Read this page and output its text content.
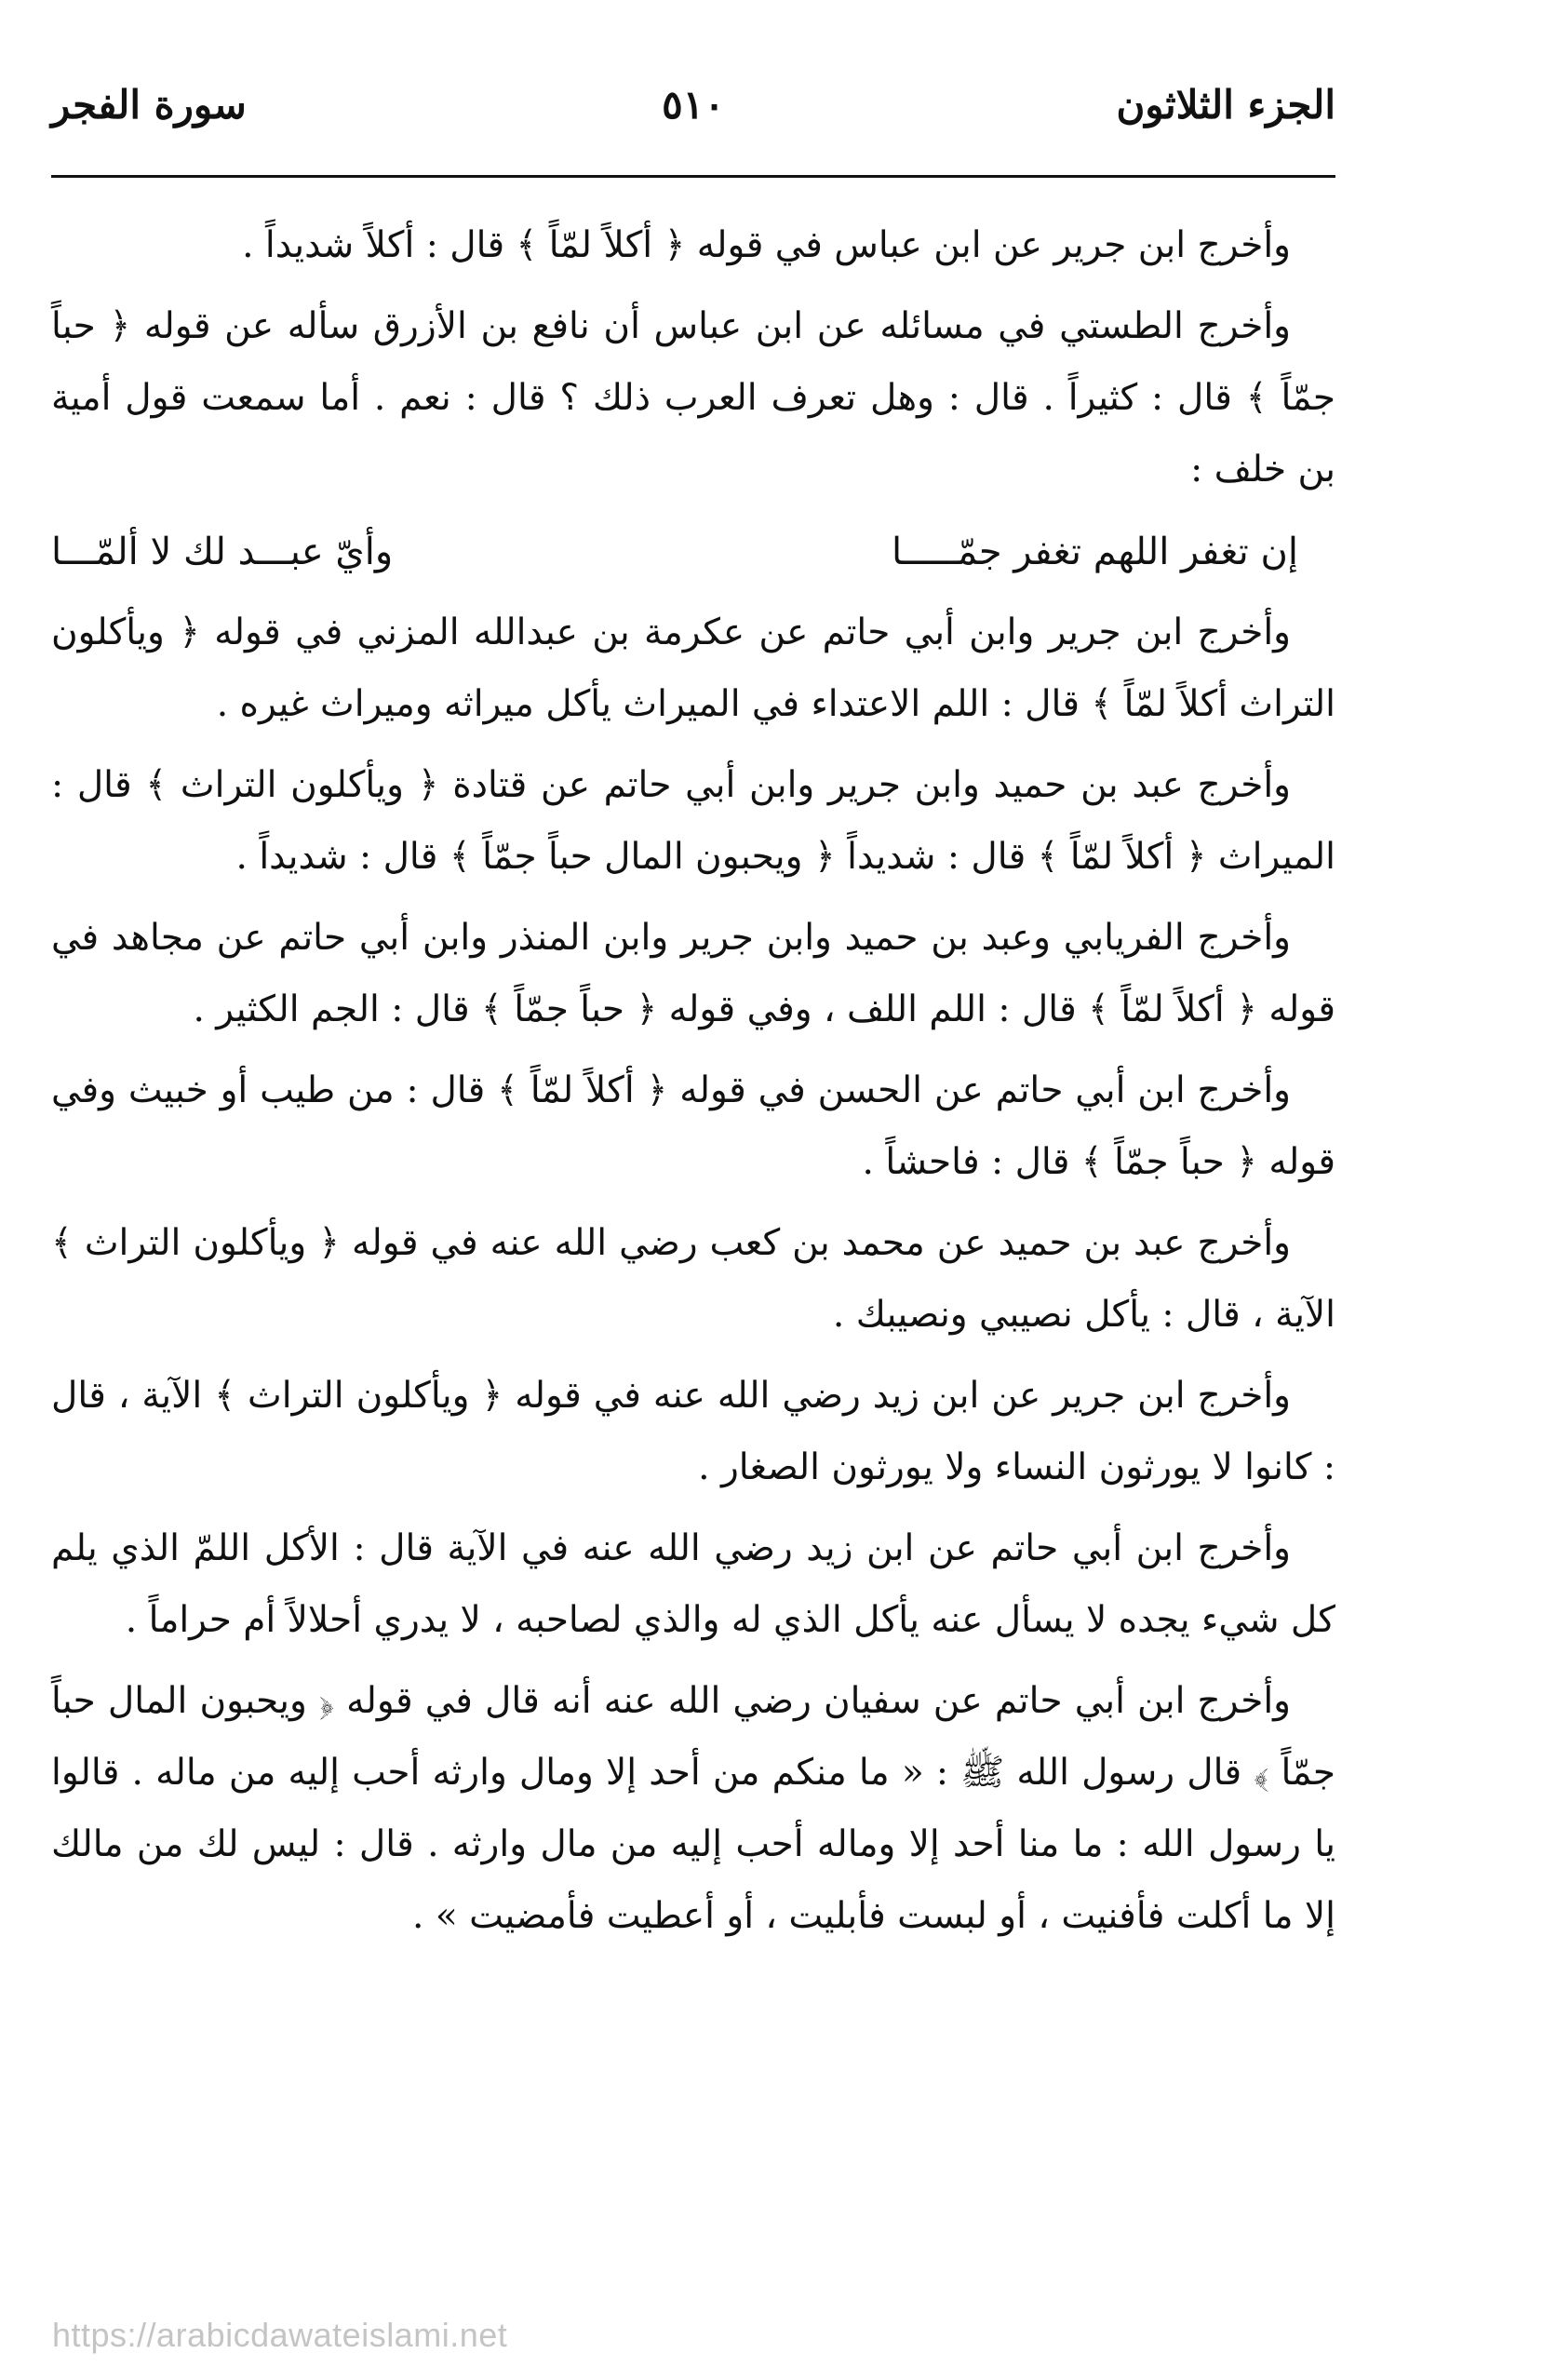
الجزء الثلاثون
٥١٠
سورة الفجر

وأخرج ابن جرير عن ابن عباس في قوله ﴿ أكلاً لمّاً ﴾ قال : أكلاً شديداً .

وأخرج الطستي في مسائله عن ابن عباس أن نافع بن الأزرق سأله عن قوله ﴿ حباً جمّاً ﴾ قال : كثيراً . قال : وهل تعرف العرب ذلك ؟ قال : نعم . أما سمعت قول أمية بن خلف :

إن تغفر اللهم تغفر جمّـــــا
وأيّ عبـــد لك لا ألمّـــا

وأخرج ابن جرير وابن أبي حاتم عن عكرمة بن عبدالله المزني في قوله ﴿ ويأكلون التراث أكلاً لمّاً ﴾ قال : اللم الاعتداء في الميراث يأكل ميراثه وميراث غيره .

وأخرج عبد بن حميد وابن جرير وابن أبي حاتم عن قتادة ﴿ ويأكلون التراث ﴾ قال : الميراث ﴿ أكلاً لمّاً ﴾ قال : شديداً ﴿ ويحبون المال حباً جمّاً ﴾ قال : شديداً .

وأخرج الفريابي وعبد بن حميد وابن جرير وابن المنذر وابن أبي حاتم عن مجاهد في قوله ﴿ أكلاً لمّاً ﴾ قال : اللم اللف ، وفي قوله ﴿ حباً جمّاً ﴾ قال : الجم الكثير .

وأخرج ابن أبي حاتم عن الحسن في قوله ﴿ أكلاً لمّاً ﴾ قال : من طيب أو خبيث وفي قوله ﴿ حباً جمّاً ﴾ قال : فاحشاً .

وأخرج عبد بن حميد عن محمد بن كعب رضي الله عنه في قوله ﴿ ويأكلون التراث ﴾ الآية ، قال : يأكل نصيبي ونصيبك .

وأخرج ابن جرير عن ابن زيد رضي الله عنه في قوله ﴿ ويأكلون التراث ﴾ الآية ، قال : كانوا لا يورثون النساء ولا يورثون الصغار .

وأخرج ابن أبي حاتم عن ابن زيد رضي الله عنه في الآية قال : الأكل اللمّ الذي يلم كل شيء يجده لا يسأل عنه يأكل الذي له والذي لصاحبه ، لا يدري أحلالاً أم حراماً .

وأخرج ابن أبي حاتم عن سفيان رضي الله عنه أنه قال في قوله ﴿ ويحبون المال حباً جمّاً ﴾ قال رسول الله ﷺ : « ما منكم من أحد إلا ومال وارثه أحب إليه من ماله . قالوا يا رسول الله : ما منا أحد إلا وماله أحب إليه من مال وارثه . قال : ليس لك من مالك إلا ما أكلت فأفنيت ، أو لبست فأبليت ، أو أعطيت فأمضيت » .

https://arabicdawateislami.net
